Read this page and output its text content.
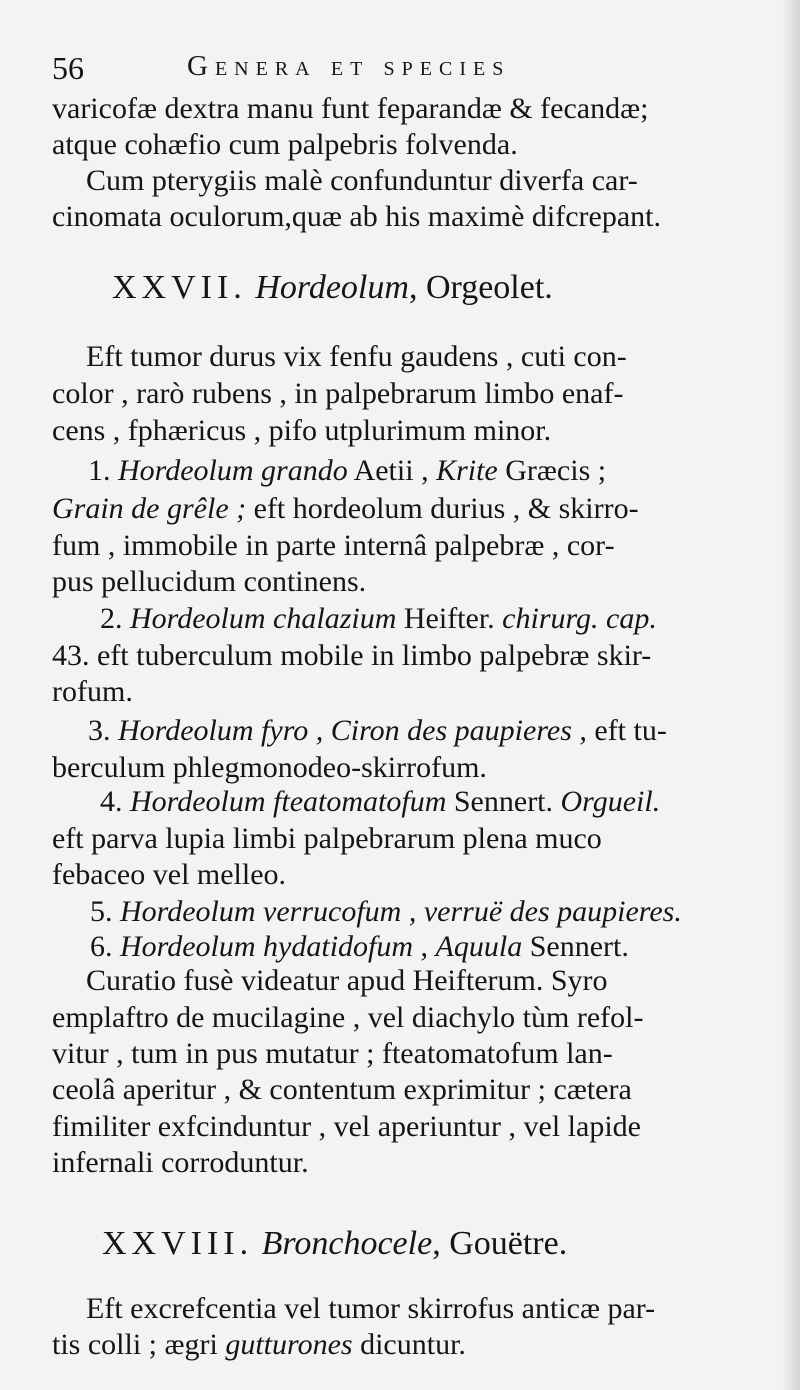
56	Genera et species
varicofæ dextra manu funt feparandæ & fecandæ;
atque cohæfio cum palpebris folvenda.
Cum pterygiis malè confunduntur diverfa car-
cinomata oculorum,quæ ab his maximè difcrepant.
XXVII. Hordeolum, Orgeolet.
Eft tumor durus vix fenfu gaudens , cuti con-
color , rarò rubens , in palpebrarum limbo enaf-
cens , fphæricus , pifo utplurimum minor.
1. Hordeolum grando Aetii , Krite Græcis ;
Grain de grêle ; eft hordeolum durius , & skirro-
fum , immobile in parte internâ palpebræ , cor-
pus pellucidum continens.
2. Hordeolum chalazium Heifter. chirurg. cap.
43. eft tuberculum mobile in limbo palpebræ skir-
rofum.
3. Hordeolum fyro , Ciron des paupieres , eft tu-
berculum phlegmonodeo-skirrofum.
4. Hordeolum fteatomatofum Sennert. Orgueil.
eft parva lupia limbi palpebrarum plena muco
febaceo vel melleo.
5. Hordeolum verrucofum , verruë des paupieres.
6. Hordeolum hydatidofum , Aquula Sennert.
Curatio fusè videatur apud Heifterum. Syro
emplaftro de mucilagine , vel diachylo tùm refol-
vitur , tum in pus mutatur ; fteatomatofum lan-
ceolâ aperitur , & contentum exprimitur ; cætera
fimiliter exfcinduntur , vel aperiuntur , vel lapide
infernali corroduntur.
XXVIII. Bronchocele, Gouëtre.
Eft excrefcentia vel tumor skirrofus anticæ par-
tis colli ; ægri gutturones dicuntur.
